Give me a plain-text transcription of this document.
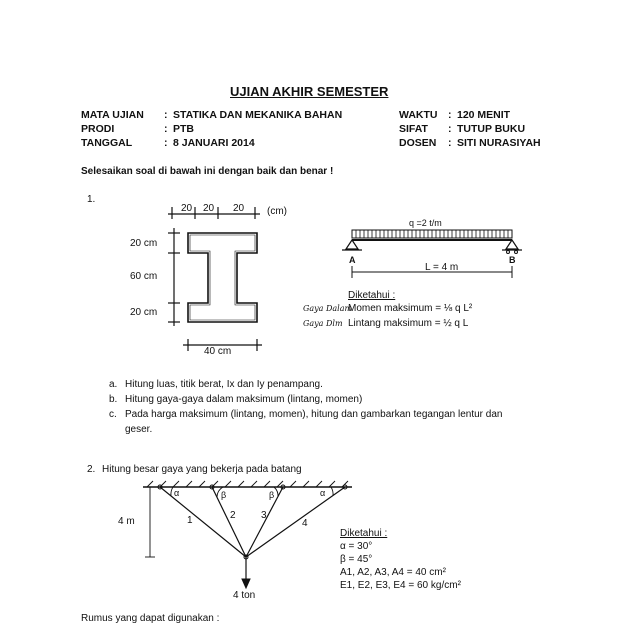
UJIAN AKHIR SEMESTER
MATA UJIAN : STATIKA DAN MEKANIKA BAHAN
PRODI	: PTB
TANGGAL	: 8 JANUARI 2014
WAKTU : 120 MENIT
SIFAT : TUTUP BUKU
DOSEN : SITI NURASIYAH
Selesaikan soal di bawah ini dengan baik dan benar !
1.
20 20 20 (cm)
20 cm
60 cm
20 cm
40 cm
q =2 t/m
A	B
L = 4 m
Diketahui :
Gaya Dalam
Momen maksimum = ⅛ q L²
Gaya Dlm Lintang maksimum = ½ q L
a. Hitung luas, titik berat, Ix dan Iy penampang.
b. Hitung gaya-gaya dalam maksimum (lintang, momen)
c. Pada harga maksimum (lintang, momen), hitung dan gambarkan tegangan lentur dan
geser.
2. Hitung besar gaya yang bekerja pada batang
4 m
α	β	β	α
1	2	3
4
4 ton
Diketahui :
α = 30°
β = 45°
A1, A2, A3, A4 = 40 cm²
E1, E2, E3, E4 = 60 kg/cm²
Rumus yang dapat digunakan :
